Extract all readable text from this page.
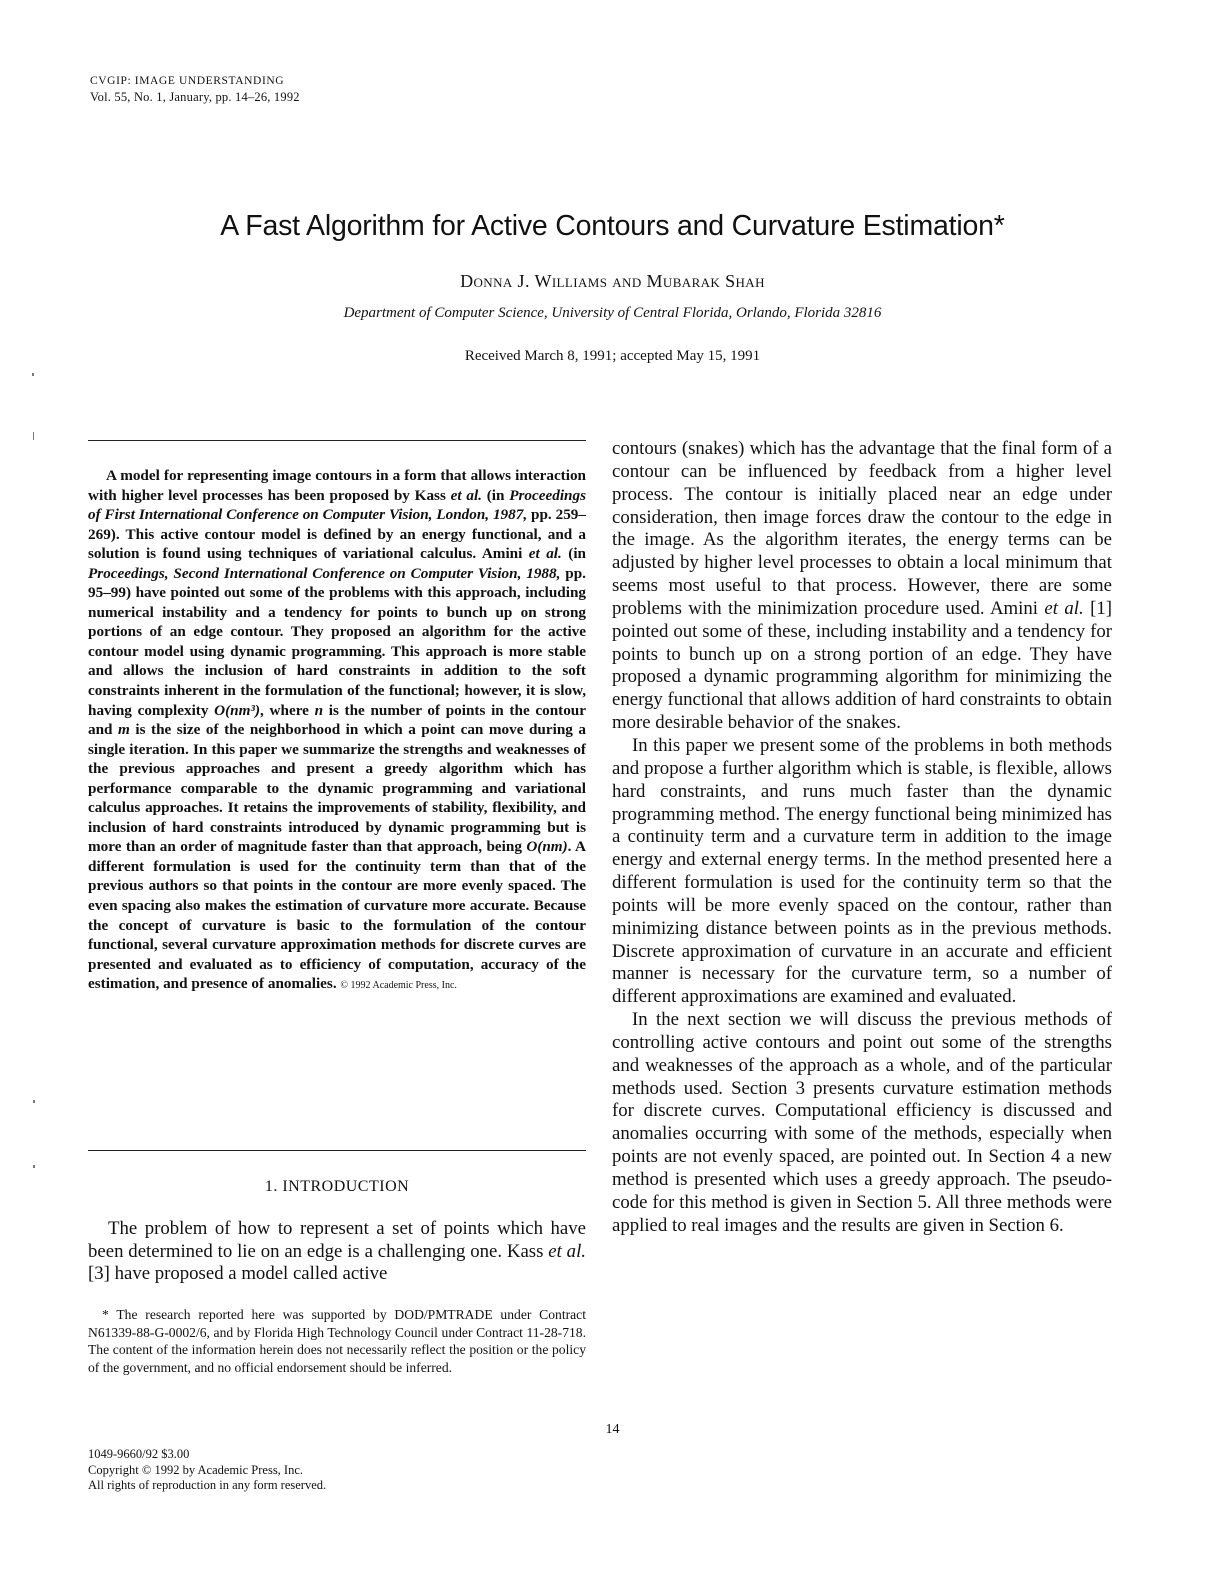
CVGIP: IMAGE UNDERSTANDING
Vol. 55, No. 1, January, pp. 14–26, 1992
A Fast Algorithm for Active Contours and Curvature Estimation*
Donna J. Williams and Mubarak Shah
Department of Computer Science, University of Central Florida, Orlando, Florida 32816
Received March 8, 1991; accepted May 15, 1991
A model for representing image contours in a form that allows interaction with higher level processes has been proposed by Kass et al. (in Proceedings of First International Conference on Computer Vision, London, 1987, pp. 259–269). This active contour model is defined by an energy functional, and a solution is found using techniques of variational calculus. Amini et al. (in Proceedings, Second International Conference on Computer Vision, 1988, pp. 95–99) have pointed out some of the problems with this approach, including numerical instability and a tendency for points to bunch up on strong portions of an edge contour. They proposed an algorithm for the active contour model using dynamic programming. This approach is more stable and allows the inclusion of hard constraints in addition to the soft constraints inherent in the formulation of the functional; however, it is slow, having complexity O(nm³), where n is the number of points in the contour and m is the size of the neighborhood in which a point can move during a single iteration. In this paper we summarize the strengths and weaknesses of the previous approaches and present a greedy algorithm which has performance comparable to the dynamic programming and variational calculus approaches. It retains the improvements of stability, flexibility, and inclusion of hard constraints introduced by dynamic programming but is more than an order of magnitude faster than that approach, being O(nm). A different formulation is used for the continuity term than that of the previous authors so that points in the contour are more evenly spaced. The even spacing also makes the estimation of curvature more accurate. Because the concept of curvature is basic to the formulation of the contour functional, several curvature approximation methods for discrete curves are presented and evaluated as to efficiency of computation, accuracy of the estimation, and presence of anomalies. © 1992 Academic Press, Inc.
1. INTRODUCTION
The problem of how to represent a set of points which have been determined to lie on an edge is a challenging one. Kass et al. [3] have proposed a model called active
* The research reported here was supported by DOD/PMTRADE under Contract N61339-88-G-0002/6, and by Florida High Technology Council under Contract 11-28-718. The content of the information herein does not necessarily reflect the position or the policy of the government, and no official endorsement should be inferred.

contours (snakes) which has the advantage that the final form of a contour can be influenced by feedback from a higher level process. The contour is initially placed near an edge under consideration, then image forces draw the contour to the edge in the image. As the algorithm iterates, the energy terms can be adjusted by higher level processes to obtain a local minimum that seems most useful to that process. However, there are some problems with the minimization procedure used. Amini et al. [1] pointed out some of these, including instability and a tendency for points to bunch up on a strong portion of an edge. They have proposed a dynamic programming algorithm for minimizing the energy functional that allows addition of hard constraints to obtain more desirable behavior of the snakes.

In this paper we present some of the problems in both methods and propose a further algorithm which is stable, is flexible, allows hard constraints, and runs much faster than the dynamic programming method. The energy functional being minimized has a continuity term and a curvature term in addition to the image energy and external energy terms. In the method presented here a different formulation is used for the continuity term so that the points will be more evenly spaced on the contour, rather than minimizing distance between points as in the previous methods. Discrete approximation of curvature in an accurate and efficient manner is necessary for the curvature term, so a number of different approximations are examined and evaluated.

In the next section we will discuss the previous methods of controlling active contours and point out some of the strengths and weaknesses of the approach as a whole, and of the particular methods used. Section 3 presents curvature estimation methods for discrete curves. Computational efficiency is discussed and anomalies occurring with some of the methods, especially when points are not evenly spaced, are pointed out. In Section 4 a new method is presented which uses a greedy approach. The pseudo-code for this method is given in Section 5. All three methods were applied to real images and the results are given in Section 6.

14
1049-9660/92 $3.00
Copyright © 1992 by Academic Press, Inc.
All rights of reproduction in any form reserved.
